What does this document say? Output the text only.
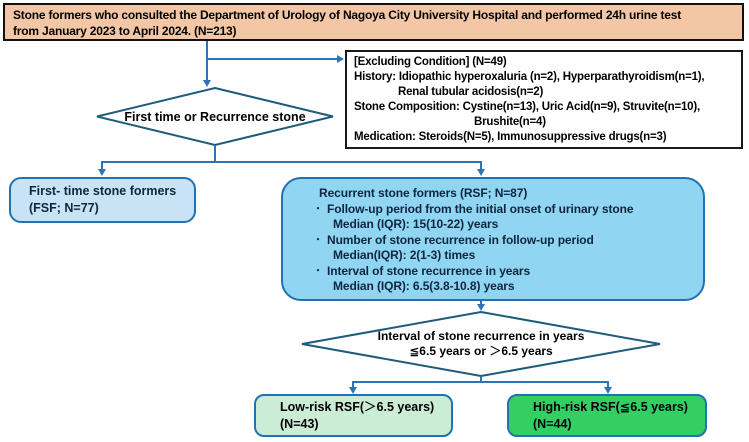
Stone formers who consulted the Department of Urology of Nagoya City University Hospital and performed 24h urine test
from January 2023 to April 2024. (N=213)
[Excluding Condition] (N=49)
History: Idiopathic hyperoxaluria (n=2), Hyperparathyroidism(n=1),
Renal tubular acidosis(n=2)
Stone Composition: Cystine(n=13), Uric Acid(n=9), Struvite(n=10),
Brushite(n=4)
Medication: Steroids(N=5), Immunosuppressive drugs(n=3)
First time or Recurrence stone
First- time stone formers
(FSF; N=77)
Recurrent stone formers (RSF; N=87)
・ Follow-up period from the initial onset of urinary stone
Median (IQR): 15(10-22) years
・ Number of stone recurrence in follow-up period
Median(IQR): 2(1-3) times
・ Interval of stone recurrence in years
Median (IQR): 6.5(3.8-10.8) years
Interval of stone recurrence in years
≦6.5 years or ＞6.5 years
Low-risk RSF(＞6.5 years)
(N=43)
High-risk RSF(≦6.5 years)
(N=44)
